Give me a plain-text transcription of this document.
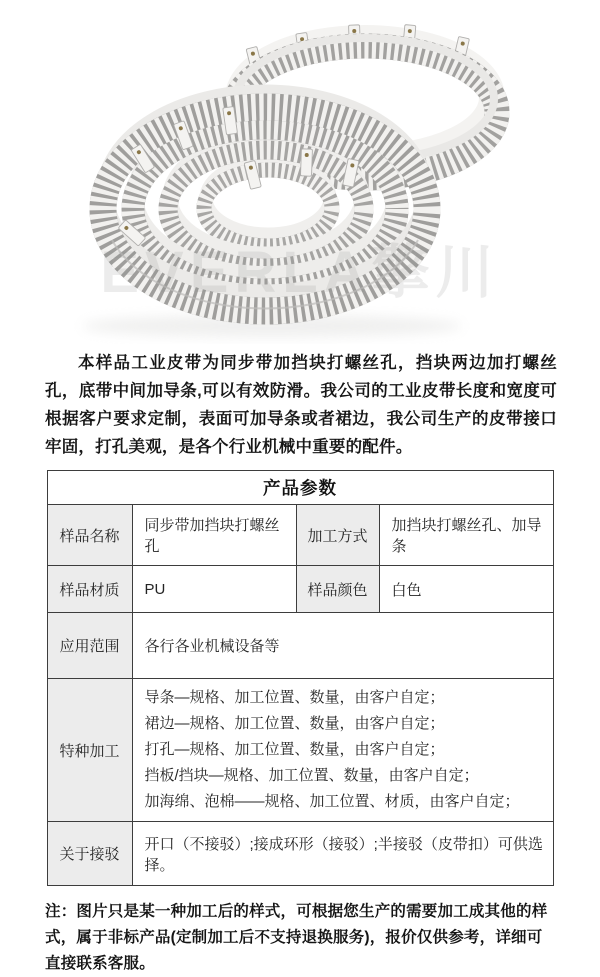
EVERLA擎川

本样品工业皮带为同步带加挡块打螺丝孔，挡块两边加打螺丝孔，底带中间加导条,可以有效防滑。我公司的工业皮带长度和宽度可根据客户要求定制，表面可加导条或者裙边，我公司生产的皮带接口牢固，打孔美观，是各个行业机械中重要的配件。

产品参数			
样品名称	同步带加挡块打螺丝孔	加工方式	加挡块打螺丝孔、加导条
样品材质	PU	样品颜色	白色
应用范围	各行各业机械设备等		
特种加工	导条—规格、加工位置、数量，由客户自定；
裙边—规格、加工位置、数量，由客户自定；
打孔—规格、加工位置、数量，由客户自定；
挡板/挡块—规格、加工位置、数量，由客户自定；
加海绵、泡棉——规格、加工位置、材质，由客户自定；		

关于接驳	开口（不接驳）;接成环形（接驳）;半接驳（皮带扣）可供选择。		

注：图片只是某一种加工后的样式，可根据您生产的需要加工成其他的样式，属于非标产品(定制加工后不支持退换服务)，报价仅供参考，详细可直接联系客服。
